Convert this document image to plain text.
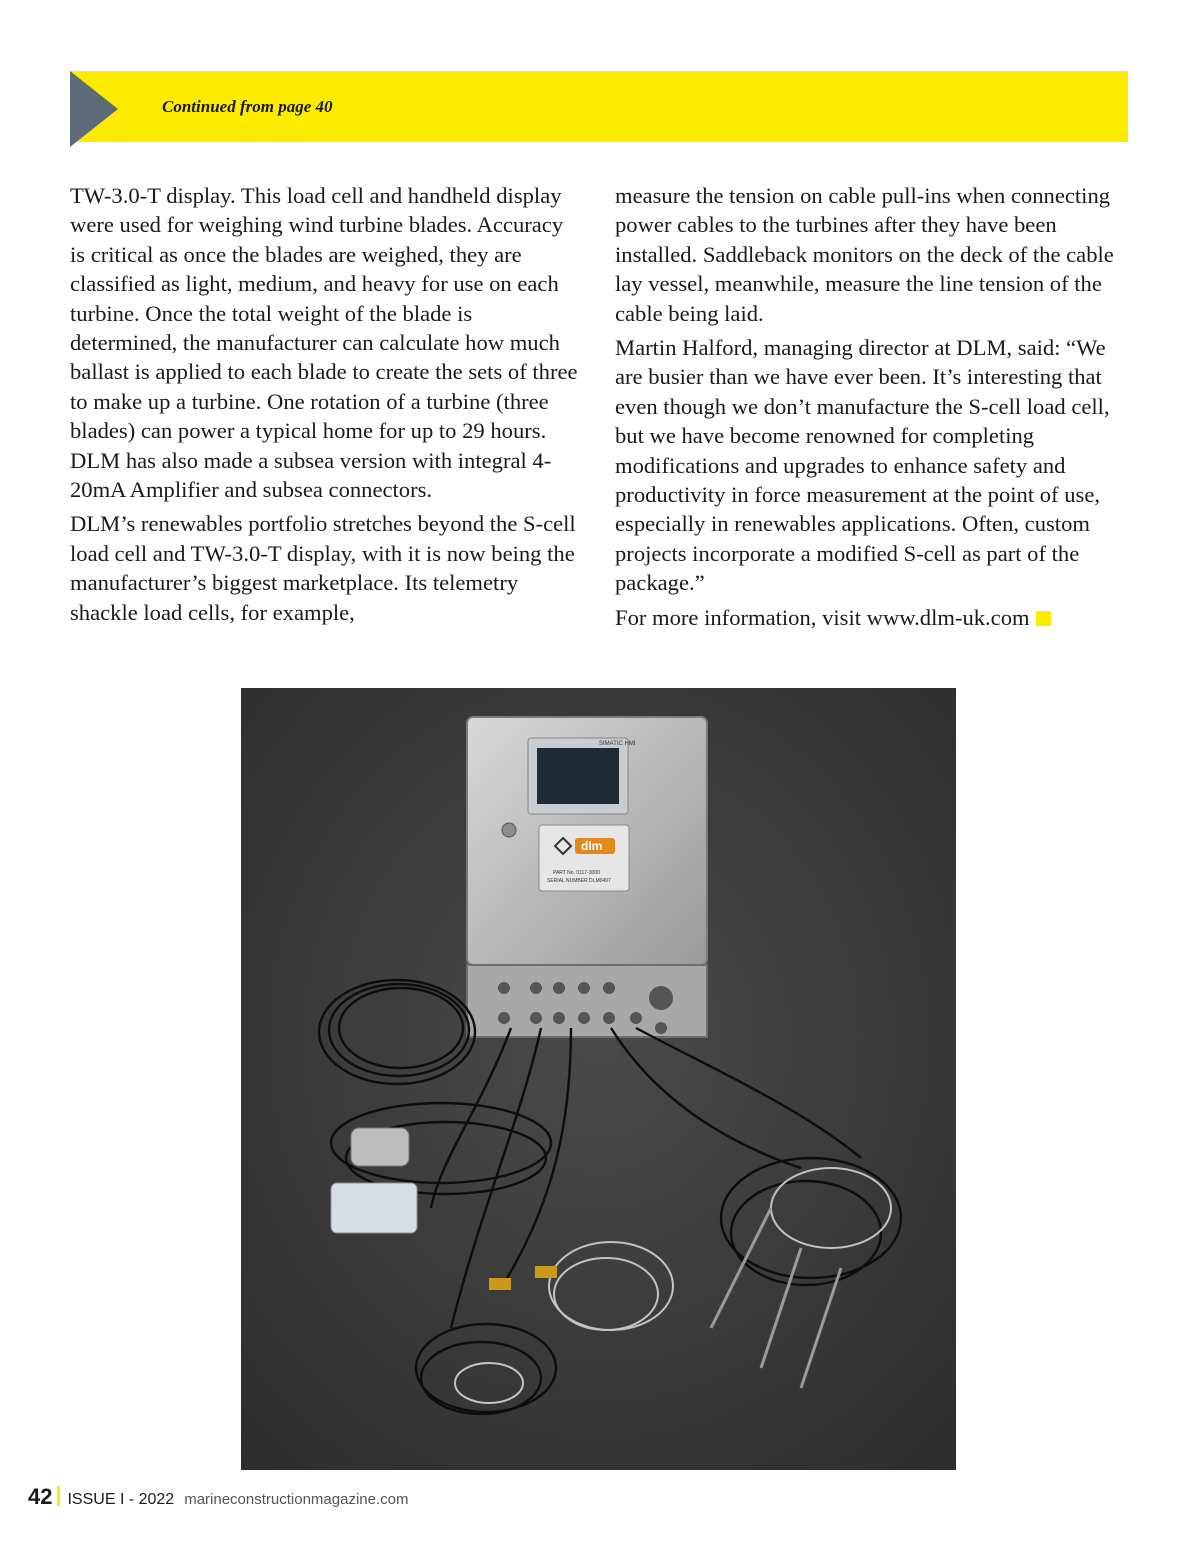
Continued from page 40

TW-3.0-T display. This load cell and handheld display were used for weighing wind turbine blades. Accuracy is critical as once the blades are weighed, they are classified as light, medium, and heavy for use on each turbine. Once the total weight of the blade is determined, the manufacturer can calculate how much ballast is applied to each blade to create the sets of three to make up a turbine. One rotation of a turbine (three blades) can power a typical home for up to 29 hours. DLM has also made a subsea version with integral 4-20mA Amplifier and subsea connectors.

DLM’s renewables portfolio stretches beyond the S-cell load cell and TW-3.0-T display, with it is now being the manufacturer’s biggest marketplace. Its telemetry shackle load cells, for example,

measure the tension on cable pull-ins when connecting power cables to the turbines after they have been installed. Saddleback monitors on the deck of the cable lay vessel, meanwhile, measure the line tension of the cable being laid.

Martin Halford, managing director at DLM, said: “We are busier than we have ever been. It’s interesting that even though we don’t manufacture the S-cell load cell, but we have become renowned for completing modifications and upgrades to enhance safety and productivity in force measurement at the point of use, especially in renewables applications. Often, custom projects incorporate a modified S-cell as part of the package.”

For more information, visit www.dlm-uk.com

SIMATIC HMI
dlm
PART No. 0117-3000
SERIAL NUMBER DLM0497
42 ISSUE I - 2022 marineconstructionmagazine.com
